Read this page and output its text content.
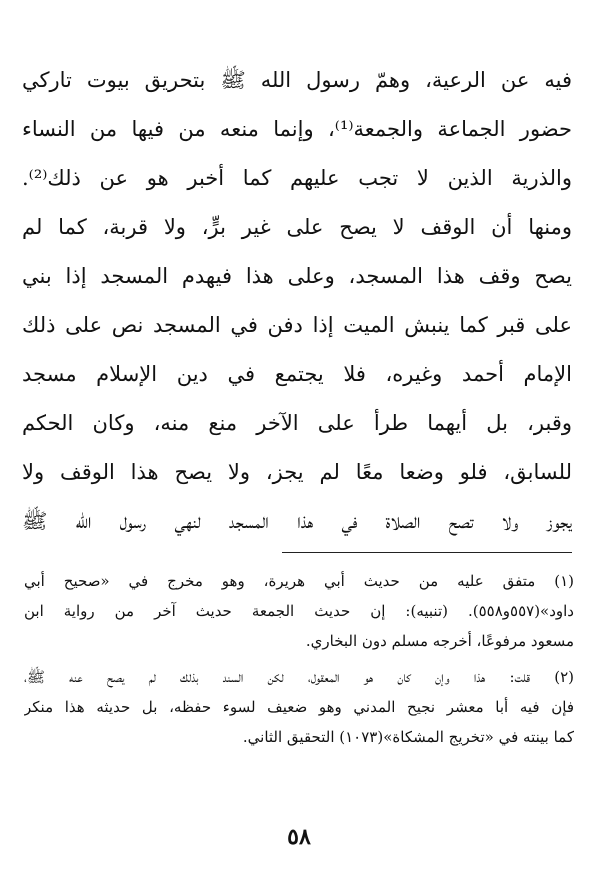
فيه عن الرعية، وهمّ رسول الله ﷺ بتحريق بيوت تاركي
حضور الجماعة والجمعة⁽¹⁾، وإنما منعه من فيها من النساء
والذرية الذين لا تجب عليهم كما أخبر هو عن ذلك⁽²⁾.
ومنها أن الوقف لا يصح على غير برٍّ، ولا قربة، كما لم
يصح وقف هذا المسجد، وعلى هذا فيهدم المسجد إذا بني
على قبر كما ينبش الميت إذا دفن في المسجد نص على ذلك
الإمام أحمد وغيره، فلا يجتمع في دين الإسلام مسجد
وقبر، بل أيهما طرأ على الآخر منع منه، وكان الحكم
للسابق، فلو وضعا معًا لم يجز، ولا يصح هذا الوقف ولا
يجوز ولا تصح الصلاة في هذا المسجد لنهي رسول الله ﷺ
(١) متفق عليه من حديث أبي هريرة، وهو مخرج في «صحيح أبي
داود»(٥٥٧و٥٥٨). (تنبيه): إن حديث الجمعة حديث آخر من رواية ابن
مسعود مرفوعًا، أخرجه مسلم دون البخاري.
(٢) قلت: هذا وإن كان هو المعقول، لكن السند بذلك لم يصح عنه ﷺ،
فإن فيه أبا معشر نجيح المدني وهو ضعيف لسوء حفظه، بل حديثه هذا منكر
كما بينته في «تخريج المشكاة»(١٠٧٣) التحقيق الثاني.
٥٨
